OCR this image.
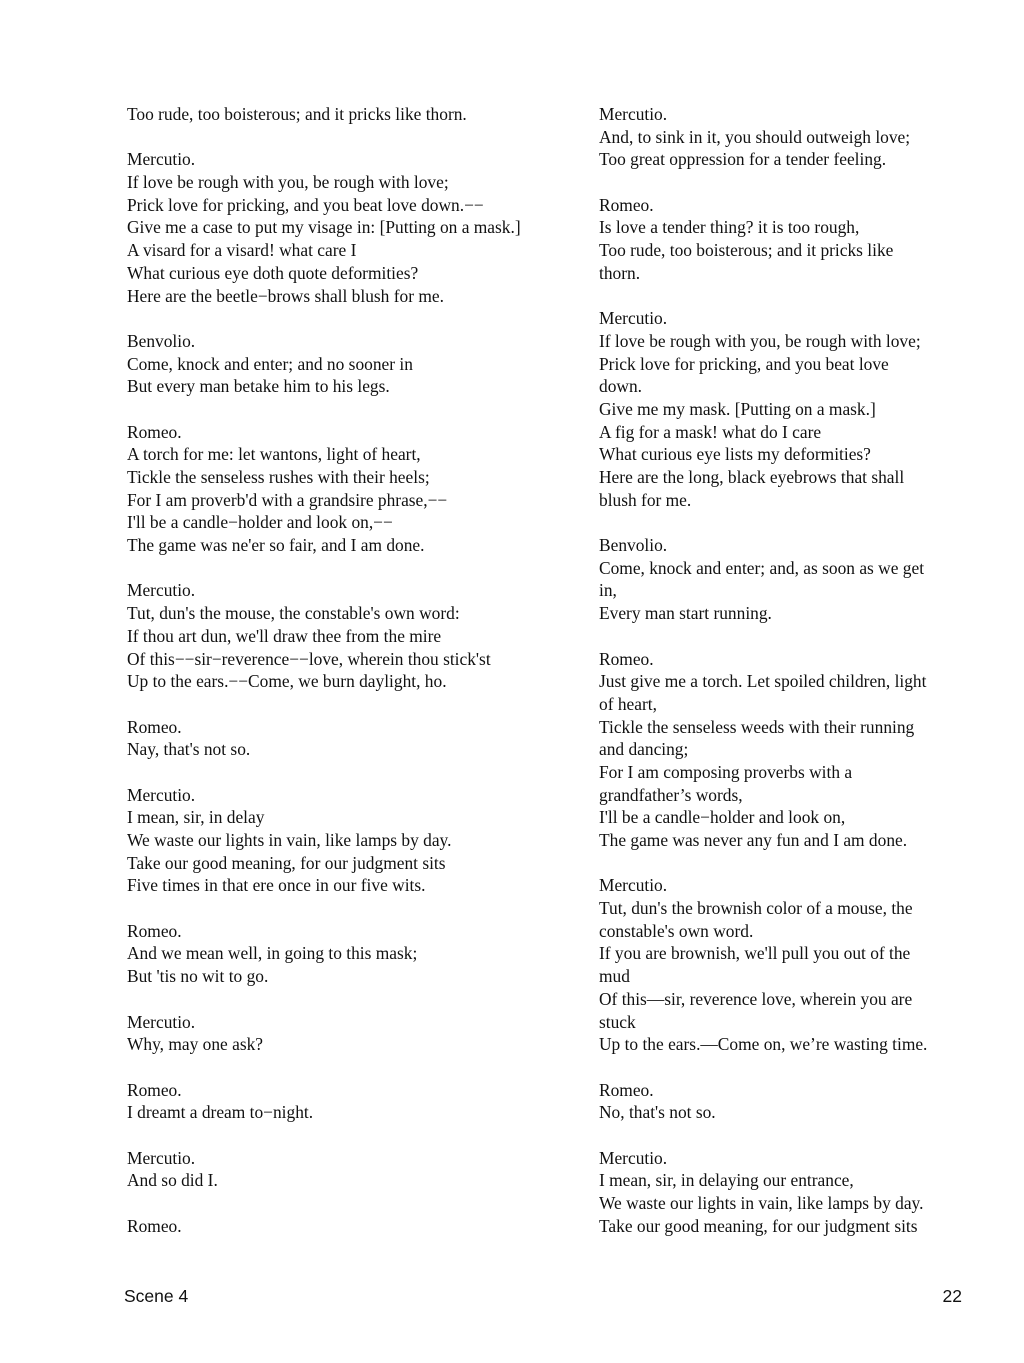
Too rude, too boisterous; and it pricks like thorn.
Mercutio.
If love be rough with you, be rough with love;
Prick love for pricking, and you beat love down.−−
Give me a case to put my visage in: [Putting on a mask.]
A visard for a visard! what care I
What curious eye doth quote deformities?
Here are the beetle−brows shall blush for me.
Benvolio.
Come, knock and enter; and no sooner in
But every man betake him to his legs.
Romeo.
A torch for me: let wantons, light of heart,
Tickle the senseless rushes with their heels;
For I am proverb'd with a grandsire phrase,−−
I'll be a candle−holder and look on,−−
The game was ne'er so fair, and I am done.
Mercutio.
Tut, dun's the mouse, the constable's own word:
If thou art dun, we'll draw thee from the mire
Of this−−sir−reverence−−love, wherein thou stick'st
Up to the ears.−−Come, we burn daylight, ho.
Romeo.
Nay, that's not so.
Mercutio.
I mean, sir, in delay
We waste our lights in vain, like lamps by day.
Take our good meaning, for our judgment sits
Five times in that ere once in our five wits.
Romeo.
And we mean well, in going to this mask;
But 'tis no wit to go.
Mercutio.
Why, may one ask?
Romeo.
I dreamt a dream to−night.
Mercutio.
And so did I.
Romeo.
Mercutio.
And, to sink in it, you should outweigh love;
Too great oppression for a tender feeling.
Romeo.
Is love a tender thing? it is too rough,
Too rude, too boisterous; and it pricks like
thorn.
Mercutio.
If love be rough with you, be rough with love;
Prick love for pricking, and you beat love
down.
Give me my mask. [Putting on a mask.]
A fig for a mask! what do I care
What curious eye lists my deformities?
Here are the long, black eyebrows that shall
blush for me.
Benvolio.
Come, knock and enter; and, as soon as we get
in,
Every man start running.
Romeo.
Just give me a torch. Let spoiled children, light
of heart,
Tickle the senseless weeds with their running
and dancing;
For I am composing proverbs with a
grandfather’s words,
I'll be a candle−holder and look on,
The game was never any fun and I am done.
Mercutio.
Tut, dun's the brownish color of a mouse, the
constable's own word.
If you are brownish, we'll pull you out of the
mud
Of this—sir, reverence love, wherein you are
stuck
Up to the ears.—Come on, we’re wasting time.
Romeo.
No, that's not so.
Mercutio.
I mean, sir, in delaying our entrance,
We waste our lights in vain, like lamps by day.
Take our good meaning, for our judgment sits
Scene 4	22
